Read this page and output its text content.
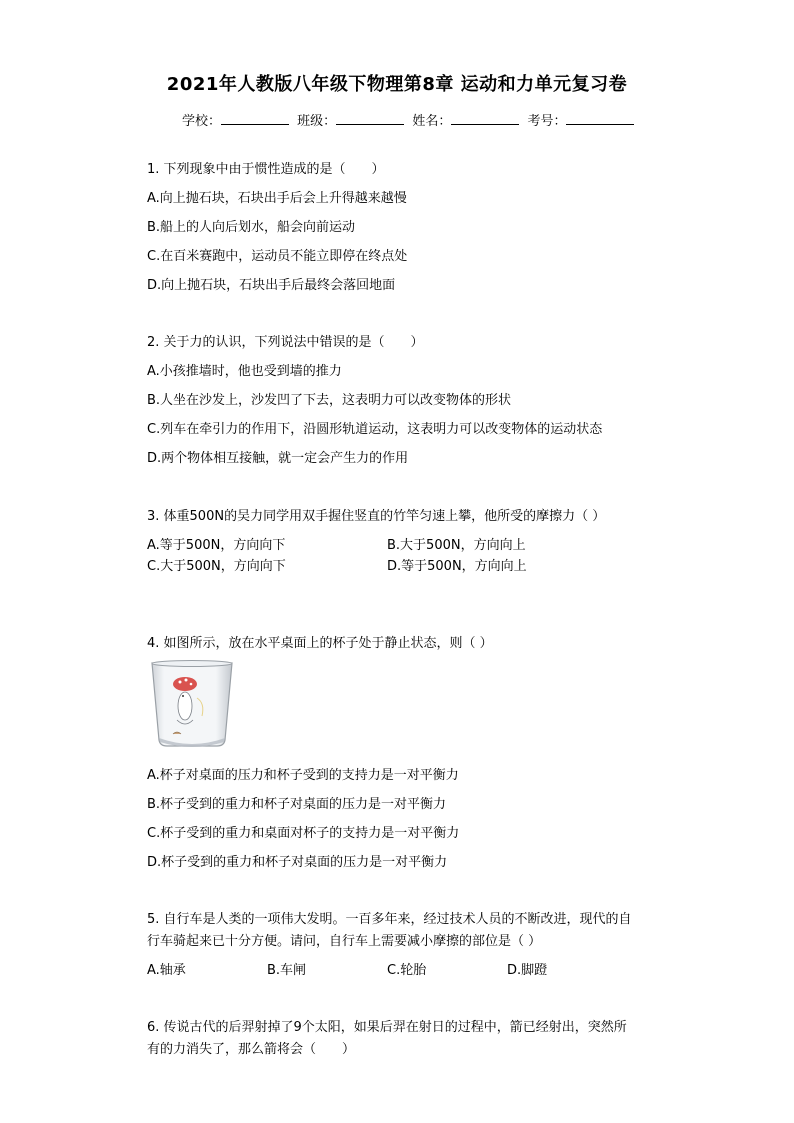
2021年人教版八年级下物理第8章 运动和力单元复习卷
学校：	班级：	姓名：	考号：
1. 下列现象中由于惯性造成的是（　　）
A.向上抛石块，石块出手后会上升得越来越慢
B.船上的人向后划水，船会向前运动
C.在百米赛跑中，运动员不能立即停在终点处
D.向上抛石块，石块出手后最终会落回地面
2. 关于力的认识，下列说法中错误的是（　　）
A.小孩推墙时，他也受到墙的推力
B.人坐在沙发上，沙发凹了下去，这表明力可以改变物体的形状
C.列车在牵引力的作用下，沿圆形轨道运动，这表明力可以改变物体的运动状态
D.两个物体相互接触，就一定会产生力的作用
3. 体重500N的吴力同学用双手握住竖直的竹竿匀速上攀，他所受的摩擦力（ ）
A.等于500N，方向向下	B.大于500N，方向向上
C.大于500N，方向向下	D.等于500N，方向向上
4. 如图所示，放在水平桌面上的杯子处于静止状态，则（ ）
A.杯子对桌面的压力和杯子受到的支持力是一对平衡力
B.杯子受到的重力和杯子对桌面的压力是一对平衡力
C.杯子受到的重力和桌面对杯子的支持力是一对平衡力
D.杯子受到的重力和杯子对桌面的压力是一对平衡力
5. 自行车是人类的一项伟大发明。一百多年来，经过技术人员的不断改进，现代的自
行车骑起来已十分方便。请问，自行车上需要减小摩擦的部位是（ ）
A.轴承	B.车闸	C.轮胎	D.脚蹬
6. 传说古代的后羿射掉了9个太阳，如果后羿在射日的过程中，箭已经射出，突然所
有的力消失了，那么箭将会（　　）
